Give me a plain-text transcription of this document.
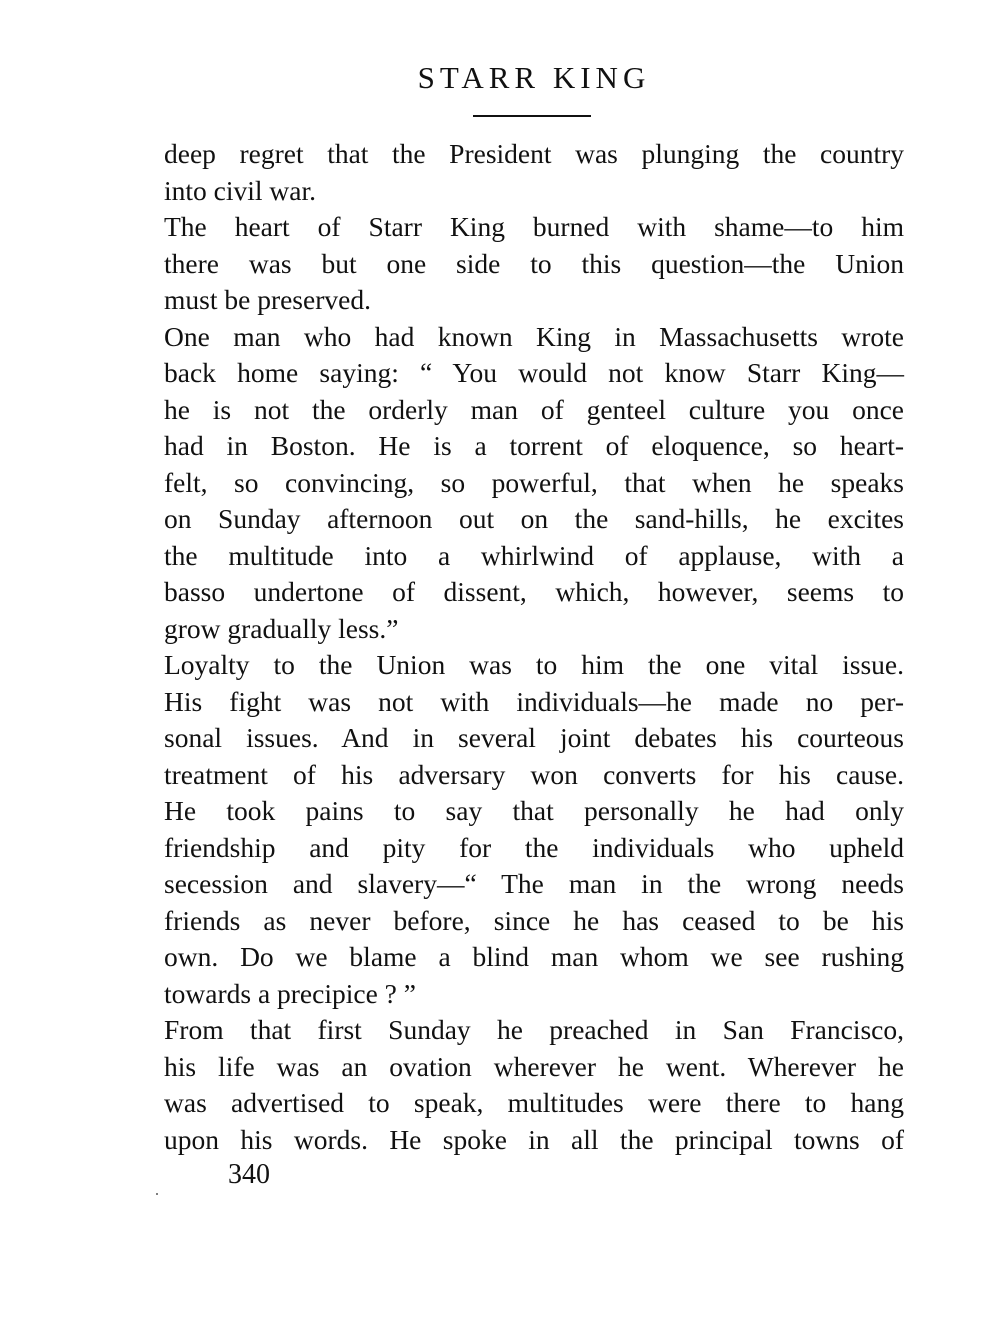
STARR KING
deep regret that the President was plunging the country
into civil war.
The heart of Starr King burned with shame—to him
there was but one side to this question—the Union
must be preserved.
One man who had known King in Massachusetts wrote
back home saying: “ You would not know Starr King—
he is not the orderly man of genteel culture you once
had in Boston. He is a torrent of eloquence, so heart-
felt, so convincing, so powerful, that when he speaks
on Sunday afternoon out on the sand-hills, he excites
the multitude into a whirlwind of applause, with a
basso undertone of dissent, which, however, seems to
grow gradually less.”
Loyalty to the Union was to him the one vital issue.
His fight was not with individuals—he made no per-
sonal issues. And in several joint debates his courteous
treatment of his adversary won converts for his cause.
He took pains to say that personally he had only
friendship and pity for the individuals who upheld
secession and slavery—“ The man in the wrong needs
friends as never before, since he has ceased to be his
own. Do we blame a blind man whom we see rushing
towards a precipice ? ”
From that first Sunday he preached in San Francisco,
his life was an ovation wherever he went. Wherever he
was advertised to speak, multitudes were there to hang
upon his words. He spoke in all the principal towns of
340
